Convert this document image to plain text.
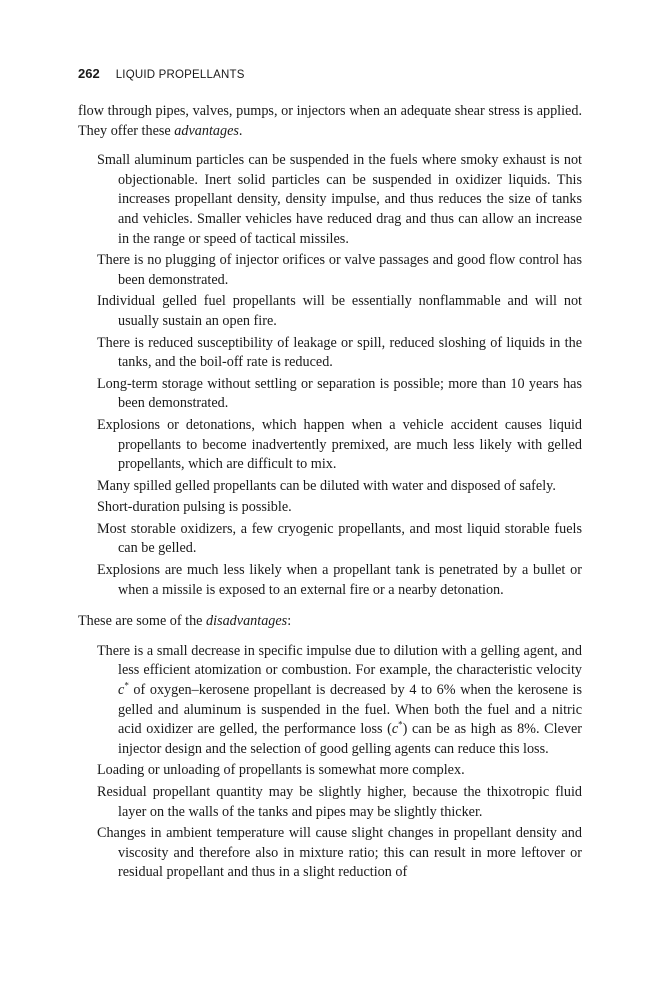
262 LIQUID PROPELLANTS

flow through pipes, valves, pumps, or injectors when an adequate shear stress is applied. They offer these advantages.

Small aluminum particles can be suspended in the fuels where smoky exhaust is not objectionable. Inert solid particles can be suspended in oxidizer liquids. This increases propellant density, density impulse, and thus reduces the size of tanks and vehicles. Smaller vehicles have reduced drag and thus can allow an increase in the range or speed of tactical missiles.
There is no plugging of injector orifices or valve passages and good flow control has been demonstrated.
Individual gelled fuel propellants will be essentially nonflammable and will not usually sustain an open fire.
There is reduced susceptibility of leakage or spill, reduced sloshing of liquids in the tanks, and the boil-off rate is reduced.
Long-term storage without settling or separation is possible; more than 10 years has been demonstrated.
Explosions or detonations, which happen when a vehicle accident causes liquid propellants to become inadvertently premixed, are much less likely with gelled propellants, which are difficult to mix.
Many spilled gelled propellants can be diluted with water and disposed of safely.
Short-duration pulsing is possible.
Most storable oxidizers, a few cryogenic propellants, and most liquid storable fuels can be gelled.
Explosions are much less likely when a propellant tank is penetrated by a bullet or when a missile is exposed to an external fire or a nearby detonation.

These are some of the disadvantages:

There is a small decrease in specific impulse due to dilution with a gelling agent, and less efficient atomization or combustion. For example, the characteristic velocity c* of oxygen–kerosene propellant is decreased by 4 to 6% when the kerosene is gelled and aluminum is suspended in the fuel. When both the fuel and a nitric acid oxidizer are gelled, the performance loss (c*) can be as high as 8%. Clever injector design and the selection of good gelling agents can reduce this loss.
Loading or unloading of propellants is somewhat more complex.
Residual propellant quantity may be slightly higher, because the thixotropic fluid layer on the walls of the tanks and pipes may be slightly thicker.
Changes in ambient temperature will cause slight changes in propellant density and viscosity and therefore also in mixture ratio; this can result in more leftover or residual propellant and thus in a slight reduction of
